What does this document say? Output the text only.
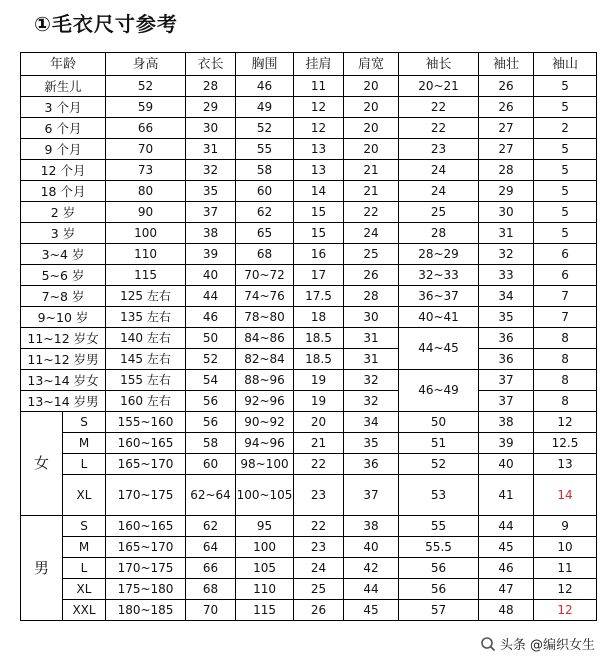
①毛衣尺寸参考
年龄		身高	衣长	胸围	挂肩	肩宽	袖长	袖壮	袖山
新生儿		52	28	46	11	20	20~21	26	5
3 个月		59	29	49	12	20	22	26	5
6 个月		66	30	52	12	20	22	27	2
9 个月		70	31	55	13	20	23	27	5
12 个月		73	32	58	13	21	24	28	5
18 个月		80	35	60	14	21	24	29	5
2 岁		90	37	62	15	22	25	30	5
3 岁		100	38	65	15	24	28	31	5
3~4 岁		110	39	68	16	25	28~29	32	6
5~6 岁		115	40	70~72	17	26	32~33	33	6
7~8 岁		125 左右	44	74~76	17.5	28	36~37	34	7
9~10 岁		135 左右	46	78~80	18	30	40~41	35	7
11~12 岁女		140 左右	50	84~86	18.5	31	44~45	36	8
11~12 岁男		145 左右	52	82~84	18.5	31		36	8
13~14 岁女		155 左右	54	88~96	19	32	46~49	37	8
13~14 岁男		160 左右	56	92~96	19	32		37	8
女	S	155~160	56	90~92	20	34	50	38	12
	M	160~165	58	94~96	21	35	51	39	12.5
	L	165~170	60	98~100	22	36	52	40	13
	XL	170~175	62~64	100~105	23	37	53	41	14
男	S	160~165	62	95	22	38	55	44	9
	M	165~170	64	100	23	40	55.5	45	10
	L	170~175	66	105	24	42	56	46	11
	XL	175~180	68	110	25	44	56	47	12
	XXL	180~185	70	115	26	45	57	48	12
头条 @编织女生
